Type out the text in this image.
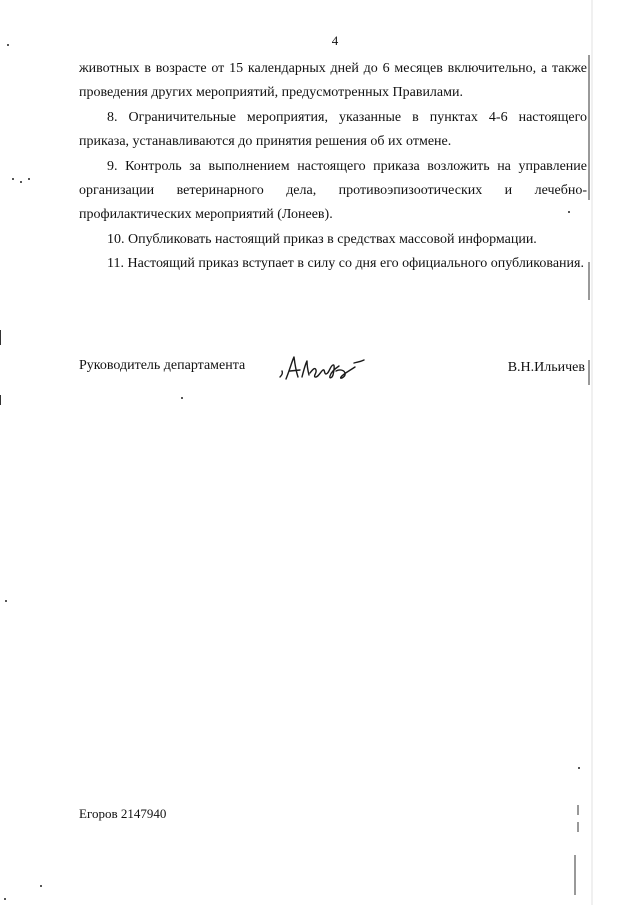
4

животных в возрасте от 15 календарных дней до 6 месяцев включительно, а также проведения других мероприятий, предусмотренных Правилами.

8. Ограничительные мероприятия, указанные в пунктах 4-6 настоящего приказа, устанавливаются до принятия решения об их отмене.

9. Контроль за выполнением настоящего приказа возложить на управление организации ветеринарного дела, противоэпизоотических и лечебно-профилактических мероприятий (Лонеев).

10. Опубликовать настоящий приказ в средствах массовой информации.

11. Настоящий приказ вступает в силу со дня его официального опубликования.

Руководитель департамента	В.Н.Ильичев
Егоров 2147940
